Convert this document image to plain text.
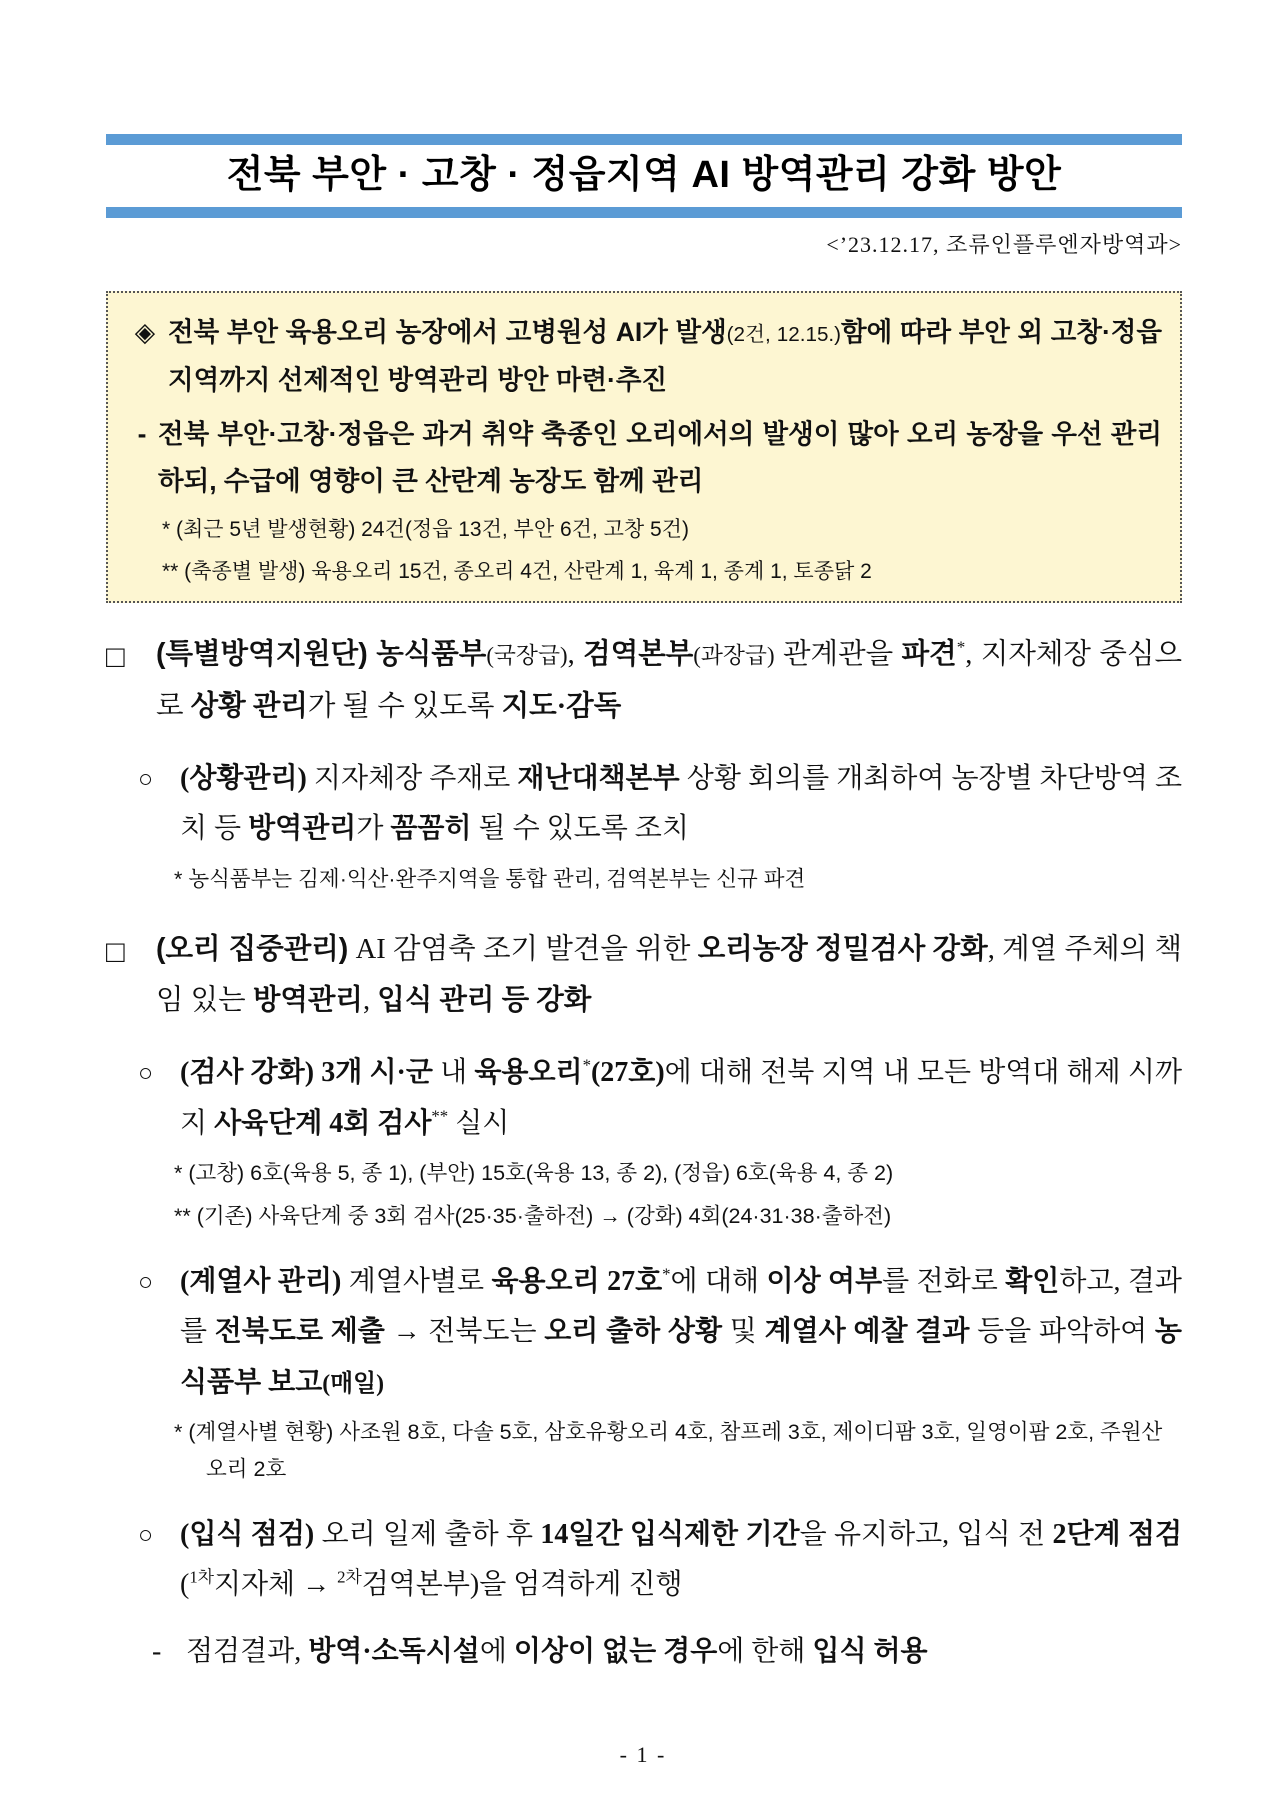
전북 부안 · 고창 · 정읍지역 AI 방역관리 강화 방안
<’23.12.17, 조류인플루엔자방역과>
◈ 전북 부안 육용오리 농장에서 고병원성 AI가 발생(2건, 12.15.)함에 따라 부안 외 고창·정읍 지역까지 선제적인 방역관리 방안 마련·추진
- 전북 부안·고창·정읍은 과거 취약 축종인 오리에서의 발생이 많아 오리 농장을 우선 관리하되, 수급에 영향이 큰 산란계 농장도 함께 관리
* (최근 5년 발생현황) 24건(정읍 13건, 부안 6건, 고창 5건)
** (축종별 발생) 육용오리 15건, 종오리 4건, 산란계 1, 육계 1, 종계 1, 토종닭 2
□	(특별방역지원단) 농식품부(국장급), 검역본부(과장급) 관계관을 파견*, 지자체장 중심으로 상황 관리가 될 수 있도록 지도·감독
○ (상황관리) 지자체장 주재로 재난대책본부 상황 회의를 개최하여 농장별 차단방역 조치 등 방역관리가 꼼꼼히 될 수 있도록 조치
* 농식품부는 김제·익산·완주지역을 통합 관리, 검역본부는 신규 파견
□	(오리 집중관리) AI 감염축 조기 발견을 위한 오리농장 정밀검사 강화, 계열 주체의 책임 있는 방역관리, 입식 관리 등 강화
○ (검사 강화) 3개 시·군 내 육용오리*(27호)에 대해 전북 지역 내 모든 방역대 해제 시까지 사육단계 4회 검사** 실시
* (고창) 6호(육용 5, 종 1), (부안) 15호(육용 13, 종 2), (정읍) 6호(육용 4, 종 2)
** (기존) 사육단계 중 3회 검사(25·35·출하전) → (강화) 4회(24·31·38·출하전)
○ (계열사 관리) 계열사별로 육용오리 27호*에 대해 이상 여부를 전화로 확인하고, 결과를 전북도로 제출 → 전북도는 오리 출하 상황 및 계열사 예찰 결과 등을 파악하여 농식품부 보고(매일)
* (계열사별 현황) 사조원 8호, 다솔 5호, 삼호유황오리 4호, 참프레 3호, 제이디팜 3호, 일영이팜 2호, 주원산오리 2호
○ (입식 점검) 오리 일제 출하 후 14일간 입식제한 기간을 유지하고, 입식 전 2단계 점검($^{1차}$지자체 → $^{2차}$검역본부)을 엄격하게 진행
- 점검결과, 방역·소독시설에 이상이 없는 경우에 한해 입식 허용
- 1 -
